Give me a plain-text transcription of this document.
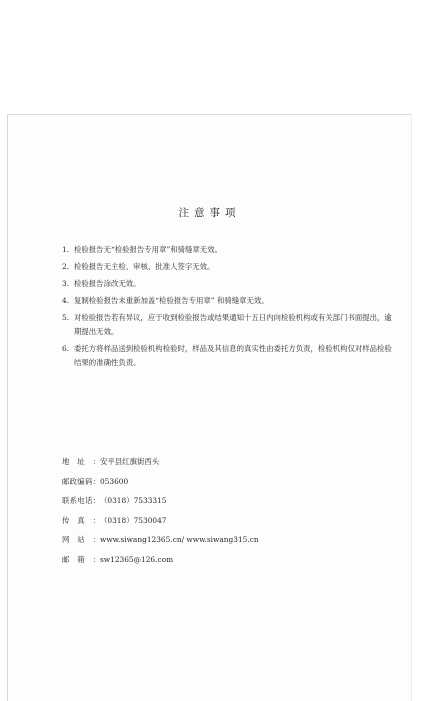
注意事项
1. 检验报告无“检验报告专用章”和骑缝章无效。
2. 检验报告无主检、审核、批准人签字无效。
3. 检验报告涂改无效。
4. 复制检验报告未重新加盖“检验报告专用章” 和骑缝章无效。
5. 对检验报告若有异议，应于收到检验报告或结果通知十五日内向检验机构或有关部门书面提出，逾期提出无效。
6. 委托方将样品送到检验机构检验时，样品及其信息的真实性由委托方负责，检验机构仅对样品检验结果的准确性负责。
地址：安平县红旗街西头
邮政编码：053600
联系电话：（0318）7533315
传真：（0318）7530047
网站：www.siwang12365.cn/ www.siwang315.cn
邮箱：sw12365@126.com
